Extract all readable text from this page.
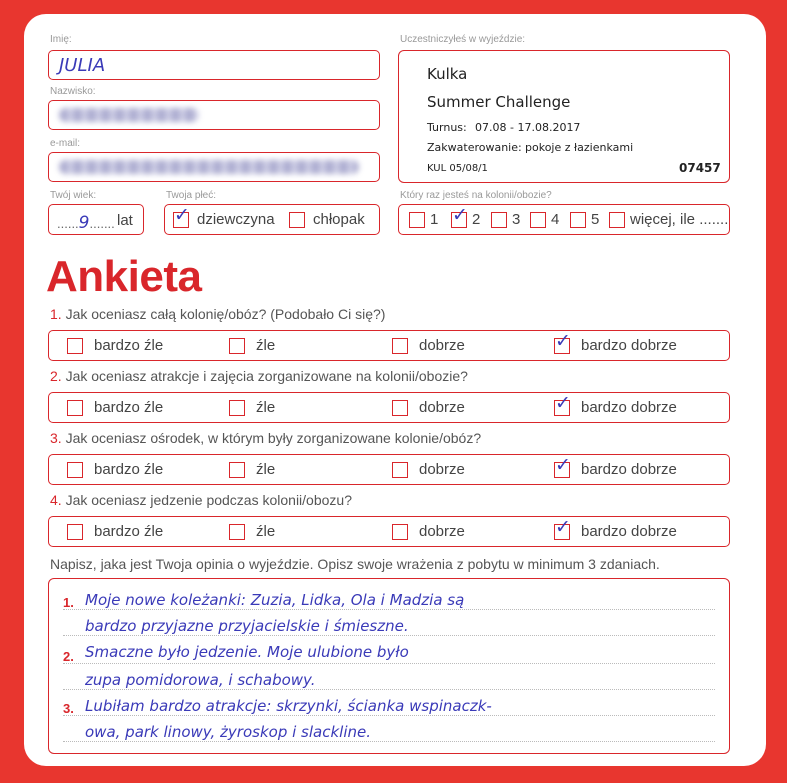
Imię:
JULIA
Nazwisko:
e-mail:
Twój wiek:
......9....... lat
Twoja płeć:
✓ dziewczyna	chłopak
Uczestniczyłeś w wyjeździe:
Kulka
Summer Challenge
Turnus: 07.08 - 17.08.2017
Zakwaterowanie: pokoje z łazienkami
KUL 05/08/1	07457
Który raz jesteś na kolonii/obozie?
1 ✓ 2 3 4 5 więcej, ile .......
Ankieta
1. Jak oceniasz całą kolonię/obóz? (Podobało Ci się?)
bardzo źle	źle	dobrze	✓ bardzo dobrze
2. Jak oceniasz atrakcje i zajęcia zorganizowane na kolonii/obozie?
bardzo źle	źle	dobrze	✓ bardzo dobrze
3. Jak oceniasz ośrodek, w którym były zorganizowane kolonie/obóz?
bardzo źle	źle	dobrze	✓ bardzo dobrze
4. Jak oceniasz jedzenie podczas kolonii/obozu?
bardzo źle	źle	dobrze	✓ bardzo dobrze
Napisz, jaka jest Twoja opinia o wyjeździe. Opisz swoje wrażenia z pobytu w minimum 3 zdaniach.
1.
2.
3.
Moje nowe koleżanki: Zuzia, Lidka, Ola i Madzia są
bardzo przyjazne przyjacielskie i śmieszne.
Smaczne było jedzenie. Moje ulubione było
zupa pomidorowa, i schabowy.
Lubiłam bardzo atrakcje: skrzynki, ścianka wspinaczk-
owa, park linowy, żyroskop i slackline.
